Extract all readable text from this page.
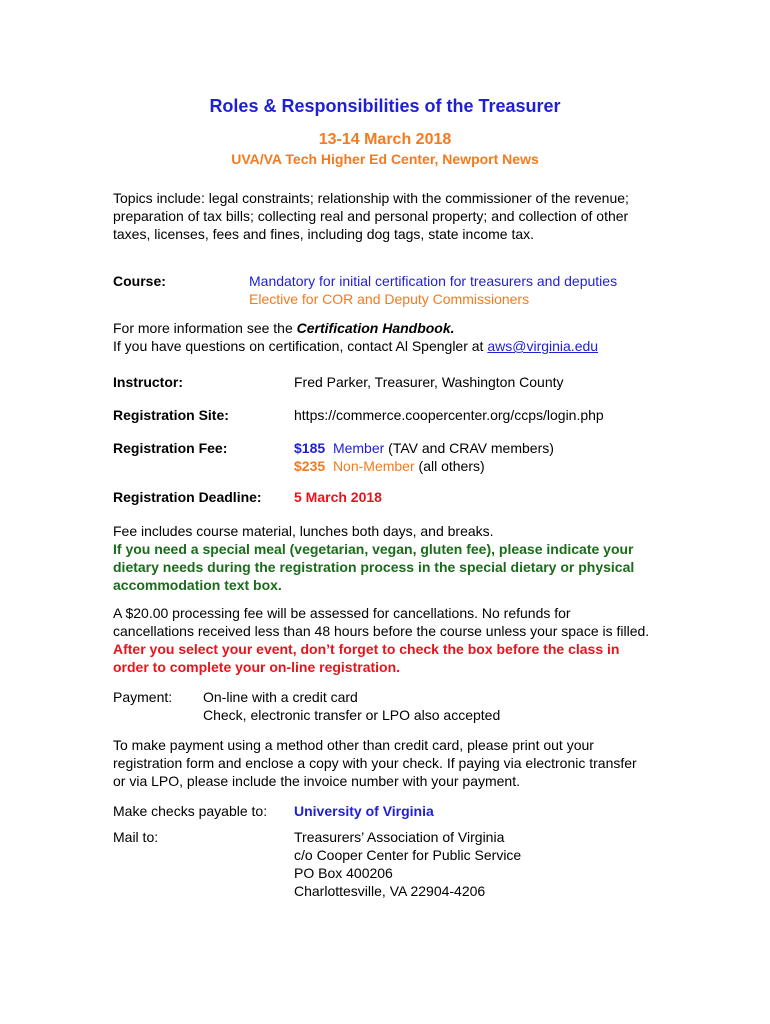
Roles & Responsibilities of the Treasurer
13-14 March 2018
UVA/VA Tech Higher Ed Center, Newport News
Topics include: legal constraints; relationship with the commissioner of the revenue; preparation of tax bills; collecting real and personal property; and collection of other taxes, licenses, fees and fines, including dog tags, state income tax.
Course:	Mandatory for initial certification for treasurers and deputies
Elective for COR and Deputy Commissioners
For more information see the Certification Handbook.
If you have questions on certification, contact Al Spengler at aws@virginia.edu
Instructor:	Fred Parker, Treasurer, Washington County
Registration Site:	https://commerce.coopercenter.org/ccps/login.php
Registration Fee:	$185 Member (TAV and CRAV members)
$235 Non-Member (all others)
Registration Deadline: 5 March 2018
Fee includes course material, lunches both days, and breaks.
If you need a special meal (vegetarian, vegan, gluten fee), please indicate your dietary needs during the registration process in the special dietary or physical accommodation text box.
A $20.00 processing fee will be assessed for cancellations. No refunds for cancellations received less than 48 hours before the course unless your space is filled. After you select your event, don’t forget to check the box before the class in order to complete your on-line registration.
Payment: On-line with a credit card
Check, electronic transfer or LPO also accepted
To make payment using a method other than credit card, please print out your registration form and enclose a copy with your check. If paying via electronic transfer or via LPO, please include the invoice number with your payment.
Make checks payable to: University of Virginia
Mail to:	Treasurers’ Association of Virginia
c/o Cooper Center for Public Service
PO Box 400206
Charlottesville, VA 22904-4206
